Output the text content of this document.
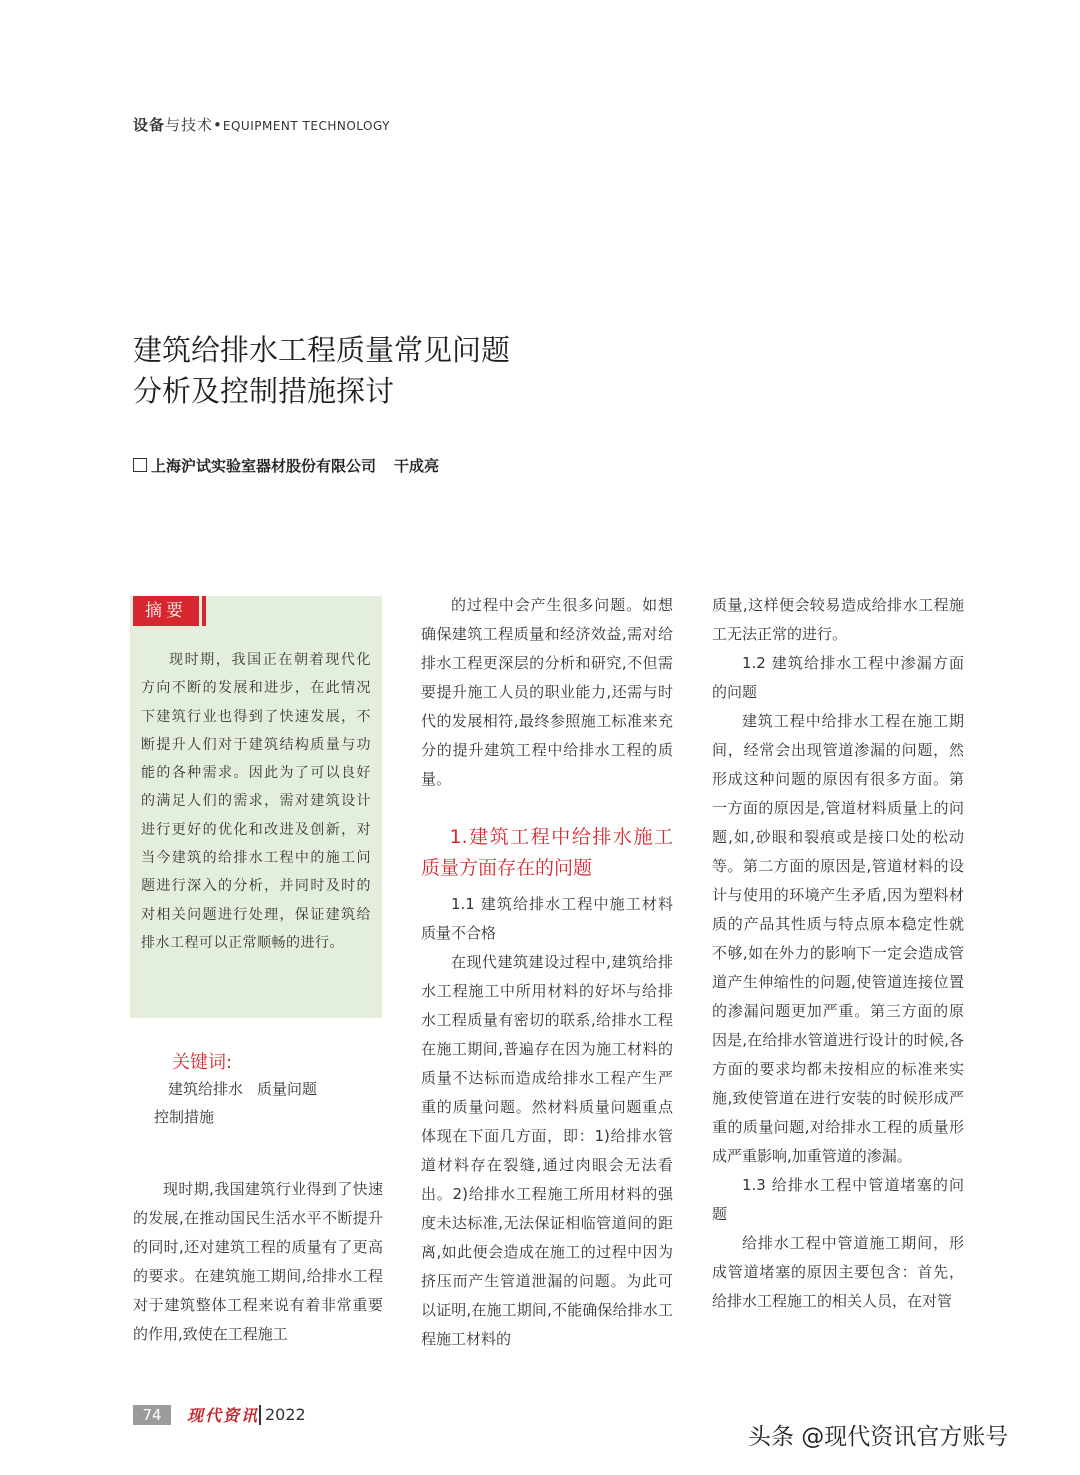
设备与技术•EQUIPMENT TECHNOLOGY
建筑给排水工程质量常见问题
分析及控制措施探讨
上海沪试实验室器材股份有限公司 干成亮
摘要
现时期，我国正在朝着现代化方向不断的发展和进步，在此情况下建筑行业也得到了快速发展，不断提升人们对于建筑结构质量与功能的各种需求。因此为了可以良好的满足人们的需求，需对建筑设计进行更好的优化和改进及创新，对当今建筑的给排水工程中的施工问题进行深入的分析，并同时及时的对相关问题进行处理，保证建筑给排水工程可以正常顺畅的进行。
关键词:
建筑给排水 质量问题控制措施

现时期,我国建筑行业得到了快速的发展,在推动国民生活水平不断提升的同时,还对建筑工程的质量有了更高的要求。在建筑施工期间,给排水工程对于建筑整体工程来说有着非常重要的作用,致使在工程施工

的过程中会产生很多问题。如想确保建筑工程质量和经济效益,需对给排水工程更深层的分析和研究,不但需要提升施工人员的职业能力,还需与时代的发展相符,最终参照施工标准来充分的提升建筑工程中给排水工程的质量。

1.建筑工程中给排水施工质量方面存在的问题

1.1 建筑给排水工程中施工材料质量不合格

在现代建筑建设过程中,建筑给排水工程施工中所用材料的好坏与给排水工程质量有密切的联系,给排水工程在施工期间,普遍存在因为施工材料的质量不达标而造成给排水工程产生严重的质量问题。然材料质量问题重点体现在下面几方面，即：1)给排水管道材料存在裂缝,通过肉眼会无法看出。2)给排水工程施工所用材料的强度未达标准,无法保证相临管道间的距离,如此便会造成在施工的过程中因为挤压而产生管道泄漏的问题。为此可以证明,在施工期间,不能确保给排水工程施工材料的

质量,这样便会较易造成给排水工程施工无法正常的进行。

1.2 建筑给排水工程中渗漏方面的问题

建筑工程中给排水工程在施工期间，经常会出现管道渗漏的问题，然形成这种问题的原因有很多方面。第一方面的原因是,管道材料质量上的问题,如,砂眼和裂痕或是接口处的松动等。第二方面的原因是,管道材料的设计与使用的环境产生矛盾,因为塑料材质的产品其性质与特点原本稳定性就不够,如在外力的影响下一定会造成管道产生伸缩性的问题,使管道连接位置的渗漏问题更加严重。第三方面的原因是,在给排水管道进行设计的时候,各方面的要求均都未按相应的标准来实施,致使管道在进行安装的时候形成严重的质量问题,对给排水工程的质量形成严重影响,加重管道的渗漏。

1.3 给排水工程中管道堵塞的问题

给排水工程中管道施工期间，形成管道堵塞的原因主要包含：首先，给排水工程施工的相关人员，在对管

74	现代资讯 2022
头条 @现代资讯官方账号
